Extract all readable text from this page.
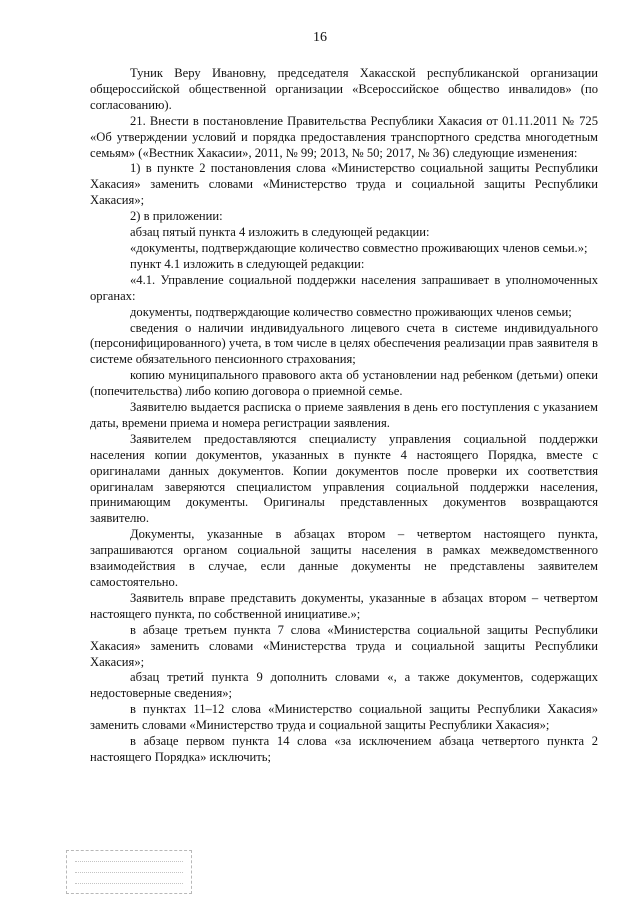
16

Туник Веру Ивановну, председателя Хакасской республиканской организации общероссийской общественной организации «Всероссийское общество инвалидов» (по согласованию).

21. Внести в постановление Правительства Республики Хакасия от 01.11.2011 № 725 «Об утверждении условий и порядка предоставления транспортного средства многодетным семьям» («Вестник Хакасии», 2011, № 99; 2013, № 50; 2017, № 36) следующие изменения:

1) в пункте 2 постановления слова «Министерство социальной защиты Республики Хакасия» заменить словами «Министерство труда и социальной защиты Республики Хакасия»;

2) в приложении:

абзац пятый пункта 4 изложить в следующей редакции:

«документы, подтверждающие количество совместно проживающих членов семьи.»;

пункт 4.1 изложить в следующей редакции:

«4.1. Управление социальной поддержки населения запрашивает в уполномоченных органах:

документы, подтверждающие количество совместно проживающих членов семьи;

сведения о наличии индивидуального лицевого счета в системе индивидуального (персонифицированного) учета, в том числе в целях обеспечения реализации прав заявителя в системе обязательного пенсионного страхования;

копию муниципального правового акта об установлении над ребенком (детьми) опеки (попечительства) либо копию договора о приемной семье.

Заявителю выдается расписка о приеме заявления в день его поступления с указанием даты, времени приема и номера регистрации заявления.

Заявителем предоставляются специалисту управления социальной поддержки населения копии документов, указанных в пункте 4 настоящего Порядка, вместе с оригиналами данных документов. Копии документов после проверки их соответствия оригиналам заверяются специалистом управления социальной поддержки населения, принимающим документы. Оригиналы представленных документов возвращаются заявителю.

Документы, указанные в абзацах втором – четвертом настоящего пункта, запрашиваются органом социальной защиты населения в рамках межведомственного взаимодействия в случае, если данные документы не представлены заявителем самостоятельно.

Заявитель вправе представить документы, указанные в абзацах втором – четвертом настоящего пункта, по собственной инициативе.»;

в абзаце третьем пункта 7 слова «Министерства социальной защиты Республики Хакасия» заменить словами «Министерства труда и социальной защиты Республики Хакасия»;

абзац третий пункта 9 дополнить словами «, а также документов, содержащих недостоверные сведения»;

в пунктах 11–12 слова «Министерство социальной защиты Республики Хакасия» заменить словами «Министерство труда и социальной защиты Республики Хакасия»;

в абзаце первом пункта 14 слова «за исключением абзаца четвертого пункта 2 настоящего Порядка» исключить;
